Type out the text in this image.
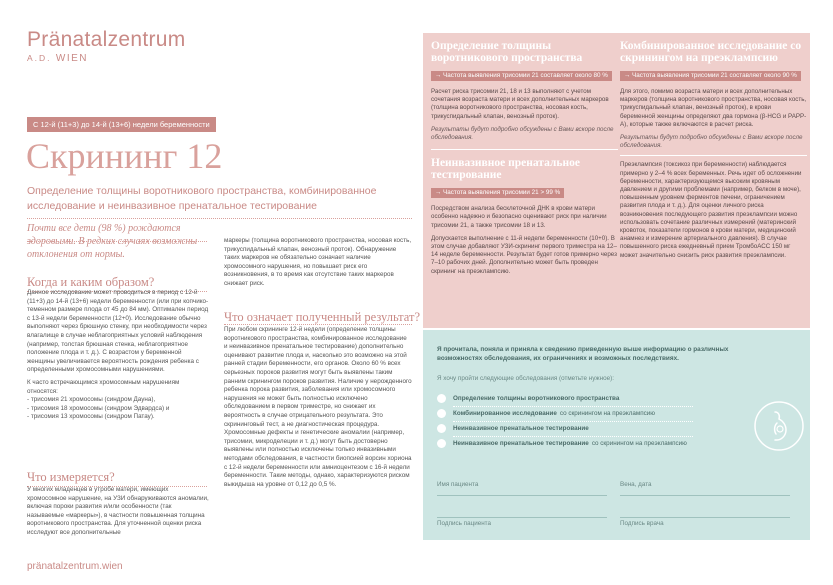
Pränatalzentrum
A.D. WIEN
С 12-й (11+3) до 14-й (13+6) недели беременности
Скрининг 12
Определение толщины воротникового пространства, комбинированное исследование и неинвазивное пренатальное тестирование
Почти все дети (98 %) рождаются здоровыми. В редких случаях возможны отклонения от нормы.
Когда и каким образом?

Данное исследование может проводиться в период с 12-й (11+3) до 14-й (13+6) недели беременности (или при копчико-теменном размере плода от 45 до 84 мм). Оптимален период с 13-й недели беременности (12+0). Исследование обычно выполняют через брюшную стенку, при необходимости через влагалище в случае неблагоприятных условий наблюдения (например, толстая брюшная стенка, неблагоприятное положение плода и т. д.). С возрастом у беременной женщины увеличивается вероятность рождения ребенка с определенными хромосомными нарушениями.

К часто встречающимся хромосомным нарушениям относятся:

- трисомия 21 хромосомы (синдром Дауна),
- трисомия 18 хромосомы (синдром Эдвардса) и
- трисомия 13 хромосомы (синдром Патау).
Что измеряется?
У многих младенцев в утробе матери, имеющих хромосомное нарушение, на УЗИ обнаруживаются аномалии, включая пороки развития и/или особенности (так называемые «маркеры»), в частности повышенная толщина воротникового пространства. Для уточненной оценки риска исследуют все дополнительные
маркеры (толщина воротникового пространства, носовая кость, трикуспидальный клапан, венозный проток). Обнаружение таких маркеров не обязательно означает наличие хромосомного нарушения, но повышает риск его возникновения, в то время как отсутствие таких маркеров снижает риск.
Что означает полученный результат?
При любом скрининге 12-й недели (определение толщины воротникового пространства, комбинированное исследование и неинвазивное пренатальное тестирование) дополнительно оценивают развитие плода и, насколько это возможно на этой ранней стадии беременности, его органов. Около 60 % всех серьезных пороков развития могут быть выявлены таким ранним скринингом пороков развития. Наличие у нерожденного ребенка порока развития, заболевания или хромосомного нарушения не может быть полностью исключено обследованием в первом триместре, но снижает их вероятность в случае отрицательного результата. Это скрининговый тест, а не диагностическая процедура. Хромосомные дефекты и генетические аномалии (например, трисомии, микроделеции и т. д.) могут быть достоверно выявлены или полностью исключены только инвазивными методами обследования, в частности биопсией ворсин хориона с 12-й недели беременности или амниоцентезом с 16-й недели беременности. Такие методы, однако, характеризуются риском выкидыша на уровне от 0,12 до 0,5 %.
pränatalzentrum.wien
Определение толщины воротникового пространства
→ Частота выявления трисомии 21 составляет около 80 %
Расчет риска трисомии 21, 18 и 13 выполняют с учетом сочетания возраста матери и всех дополнительных маркеров (толщина воротникового пространства, носовая кость, трикуспидальный клапан, венозный проток).
Результаты будут подробно обсуждены с Вами вскоре после обследования.
Неинвазивное пренатальное тестирование
→ Частота выявления трисомии 21 > 99 %
Посредством анализа бесклеточной ДНК в крови матери особенно надежно и безопасно оценивают риск при наличии трисомии 21, а также трисомии 18 и 13.
Допускается выполнение с 11-й недели беременности (10+0). В этом случае добавляют УЗИ-скрининг первого триместра на 12–14 неделе беременности. Результат будет готов примерно через 7–10 рабочих дней. Дополнительно может быть проведен скрининг на преэклампсию.
Комбинированное исследование со скринингом на преэклампсию
→ Частота выявления трисомии 21 составляет около 90 %
Для этого, помимо возраста матери и всех дополнительных маркеров (толщина воротникового пространства, носовая кость, трикуспидальный клапан, венозный проток), в крови беременной женщины определяют два гормона (β-HCG и PAPP-A), которые также включаются в расчет риска.
Результаты будут подробно обсуждены с Вами вскоре после обследования.
Преэклампсия (токсикоз при беременности) наблюдается примерно у 2–4 % всех беременных. Речь идет об осложнении беременности, характеризующемся высоким кровяным давлением и другими проблемами (например, белком в моче), повышенным уровнем ферментов печени, ограничением развития плода и т. д.). Для оценки личного риска возникновения последующего развития преэклампсии можно использовать сочетание различных измерений (материнский кровоток, показатели гормонов в крови матери, медицинский анамнез и измерение артериального давления). В случае повышенного риска ежедневный прием ТромбоАСС 150 мг может значительно снизить риск развития преэклампсии.
Я прочитала, поняла и приняла к сведению приведенную выше информацию о различных возможностях обследования, их ограничениях и возможных последствиях.
Я хочу пройти следующие обследования (отметьте нужное):
Определение толщины воротникового пространства
Комбинированное исследование со скринингом на преэклампсию
Неинвазивное пренатальное тестирование
Неинвазивное пренатальное тестирование со скринингом на преэклампсию
Имя пациента	Вена, дата
Подпись пациента	Подпись врача
